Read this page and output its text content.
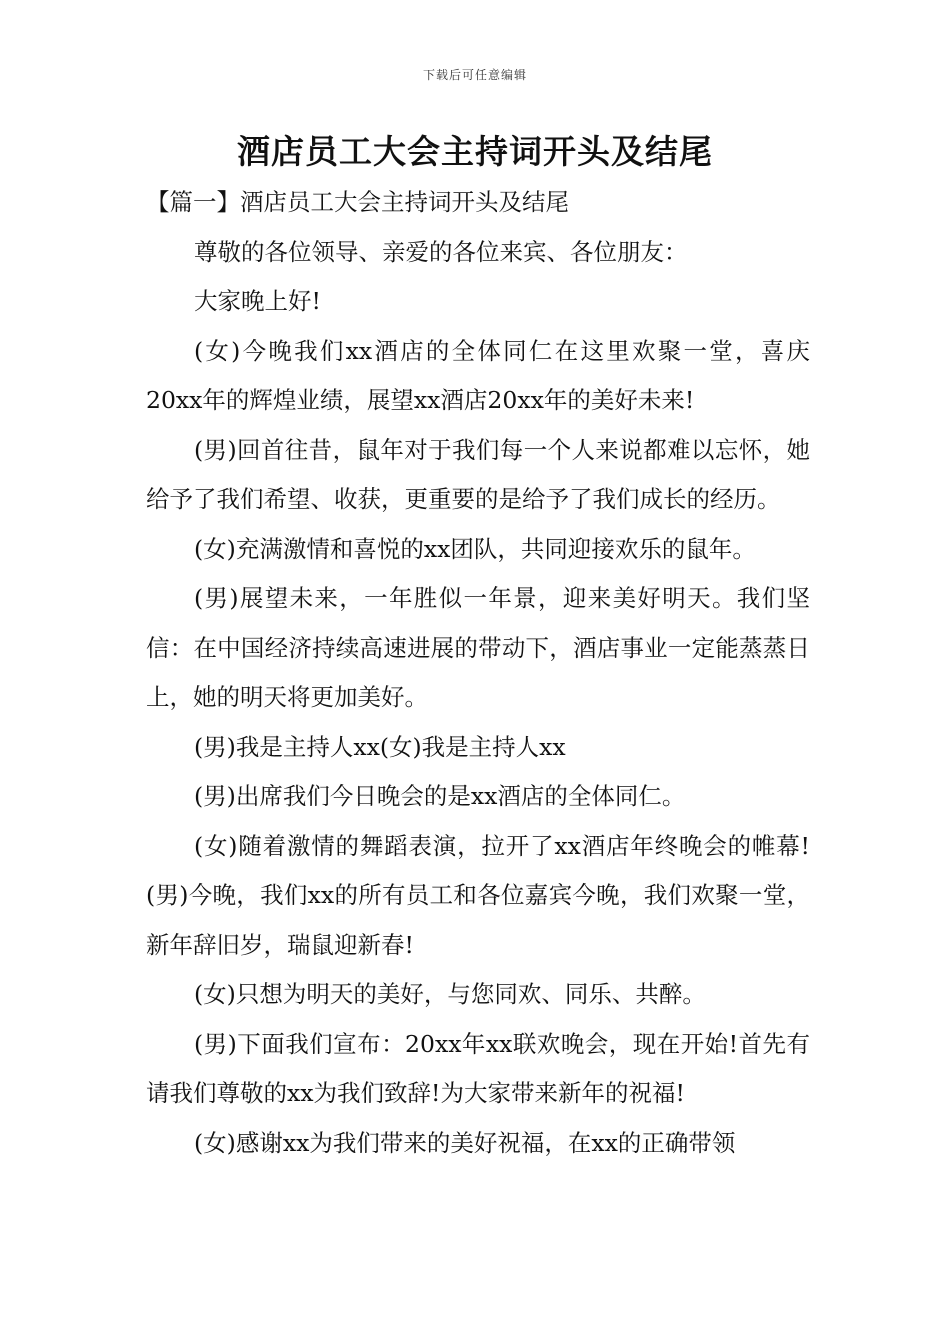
下载后可任意编辑
酒店员工大会主持词开头及结尾

【篇一】酒店员工大会主持词开头及结尾

尊敬的各位领导、亲爱的各位来宾、各位朋友：

大家晚上好!

(女)今晚我们xx酒店的全体同仁在这里欢聚一堂，喜庆20xx年的辉煌业绩，展望xx酒店20xx年的美好未来!

(男)回首往昔，鼠年对于我们每一个人来说都难以忘怀，她给予了我们希望、收获，更重要的是给予了我们成长的经历。

(女)充满激情和喜悦的xx团队，共同迎接欢乐的鼠年。

(男)展望未来，一年胜似一年景，迎来美好明天。我们坚信：在中国经济持续高速进展的带动下，酒店事业一定能蒸蒸日上，她的明天将更加美好。

(男)我是主持人xx(女)我是主持人xx

(男)出席我们今日晚会的是xx酒店的全体同仁。

(女)随着激情的舞蹈表演，拉开了xx酒店年终晚会的帷幕!(男)今晚，我们xx的所有员工和各位嘉宾今晚，我们欢聚一堂，新年辞旧岁，瑞鼠迎新春!

(女)只想为明天的美好，与您同欢、同乐、共醉。

(男)下面我们宣布：20xx年xx联欢晚会，现在开始!首先有请我们尊敬的xx为我们致辞!为大家带来新年的祝福!

(女)感谢xx为我们带来的美好祝福，在xx的正确带领
